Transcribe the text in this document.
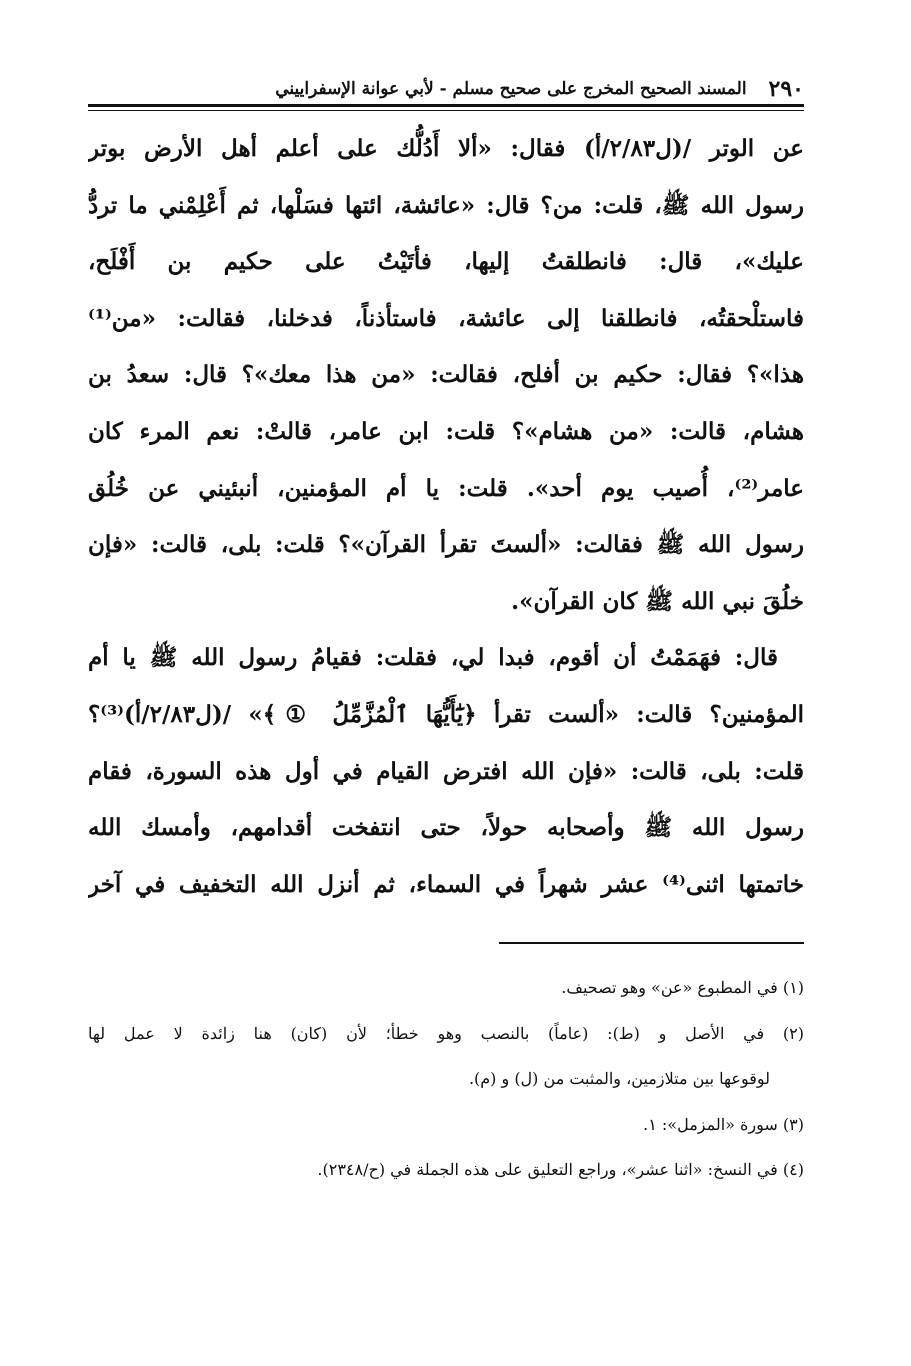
٢٩٠
المسند الصحيح المخرج على صحيح مسلم - لأبي عوانة الإسفراييني
عن الوتر /(ل٢/٨٣/أ) فقال: «ألا أَدُلُّك على أعلم أهل الأرض بوتر
رسول الله ﷺ، قلت: من؟ قال: «عائشة، ائتها فسَلْها، ثم أَعْلِمْني ما تردُّ
عليك»، قال: فانطلقتُ إليها، فأتَيْتُ على حكيم بن أَفْلَح،
فاستلْحقتُه، فانطلقنا إلى عائشة، فاستأذناً، فدخلنا، فقالت: «من⁽¹⁾
هذا»؟ فقال: حكيم بن أفلح، فقالت: «من هذا معك»؟ قال: سعدُ بن
هشام، قالت: «من هشام»؟ قلت: ابن عامر، قالتْ: نعم المرء كان
عامر⁽²⁾، أُصيب يوم أحد». قلت: يا أم المؤمنين، أنبئيني عن خُلُق
رسول الله ﷺ فقالت: «ألستَ تقرأ القرآن»؟ قلت: بلى، قالت: «فإن
خلُقَ نبي الله ﷺ كان القرآن».
قال: فهَمَمْتُ أن أقوم، فبدا لي، فقلت: فقيامُ رسول الله ﷺ يا أم
المؤمنين؟ قالت: «ألست تقرأ ﴿يَٰٓأَيُّهَا ٱلْمُزَّمِّلُ ①﴾» /(ل٢/٨٣/أ)⁽³⁾؟
قلت: بلى، قالت: «فإن الله افترض القيام في أول هذه السورة، فقام
رسول الله ﷺ وأصحابه حولاً، حتى انتفخت أقدامهم، وأمسك الله
خاتمتها اثنى⁽⁴⁾ عشر شهراً في السماء، ثم أنزل الله التخفيف في آخر
(١) في المطبوع «عن» وهو تصحيف.
(٢) في الأصل و (ط): (عاماً) بالنصب وهو خطأ؛ لأن (كان) هنا زائدة لا عمل لها
لوقوعها بين متلازمين، والمثبت من (ل) و (م).
(٣) سورة «المزمل»: ١.
(٤) في النسخ: «اثنا عشر»، وراجع التعليق على هذه الجملة في (ح/٢٣٤٨).
